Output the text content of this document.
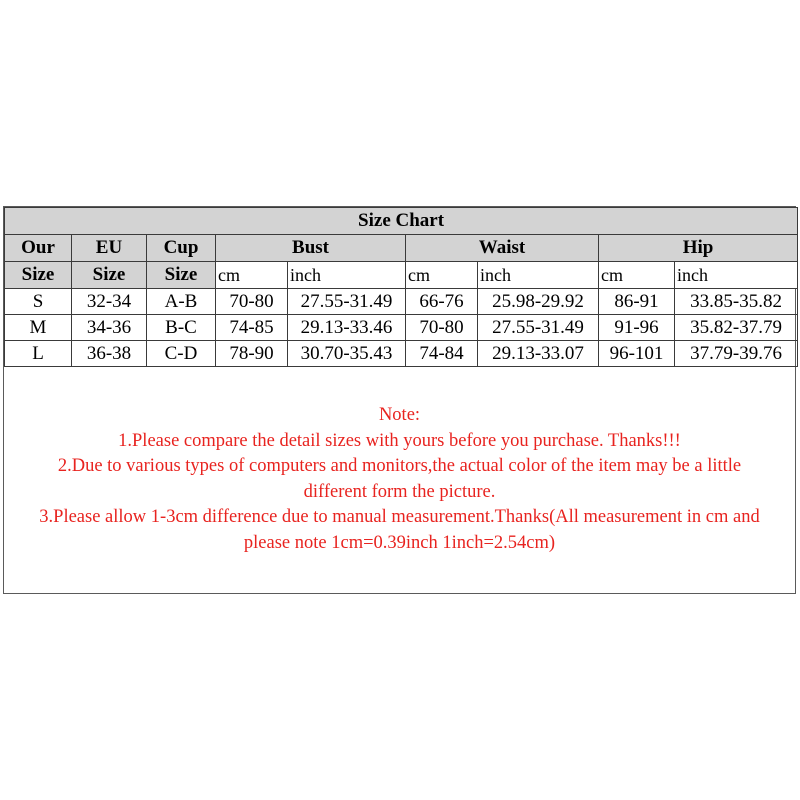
Size Chart								
Our	EU	Cup	Bust		Waist		Hip	
Size	Size	Size	cm	inch	cm	inch	cm	inch
S	32-34	A-B	70-80	27.55-31.49	66-76	25.98-29.92	86-91	33.85-35.82
M	34-36	B-C	74-85	29.13-33.46	70-80	27.55-31.49	91-96	35.82-37.79
L	36-38	C-D	78-90	30.70-35.43	74-84	29.13-33.07	96-101	37.79-39.76
Note:
1.Please compare the detail sizes with yours before you purchase. Thanks!!!
2.Due to various types of computers and monitors,the actual color of the item may be a little
different form the picture.
3.Please allow 1-3cm difference due to manual measurement.Thanks(All measurement in cm and
please note 1cm=0.39inch 1inch=2.54cm)
